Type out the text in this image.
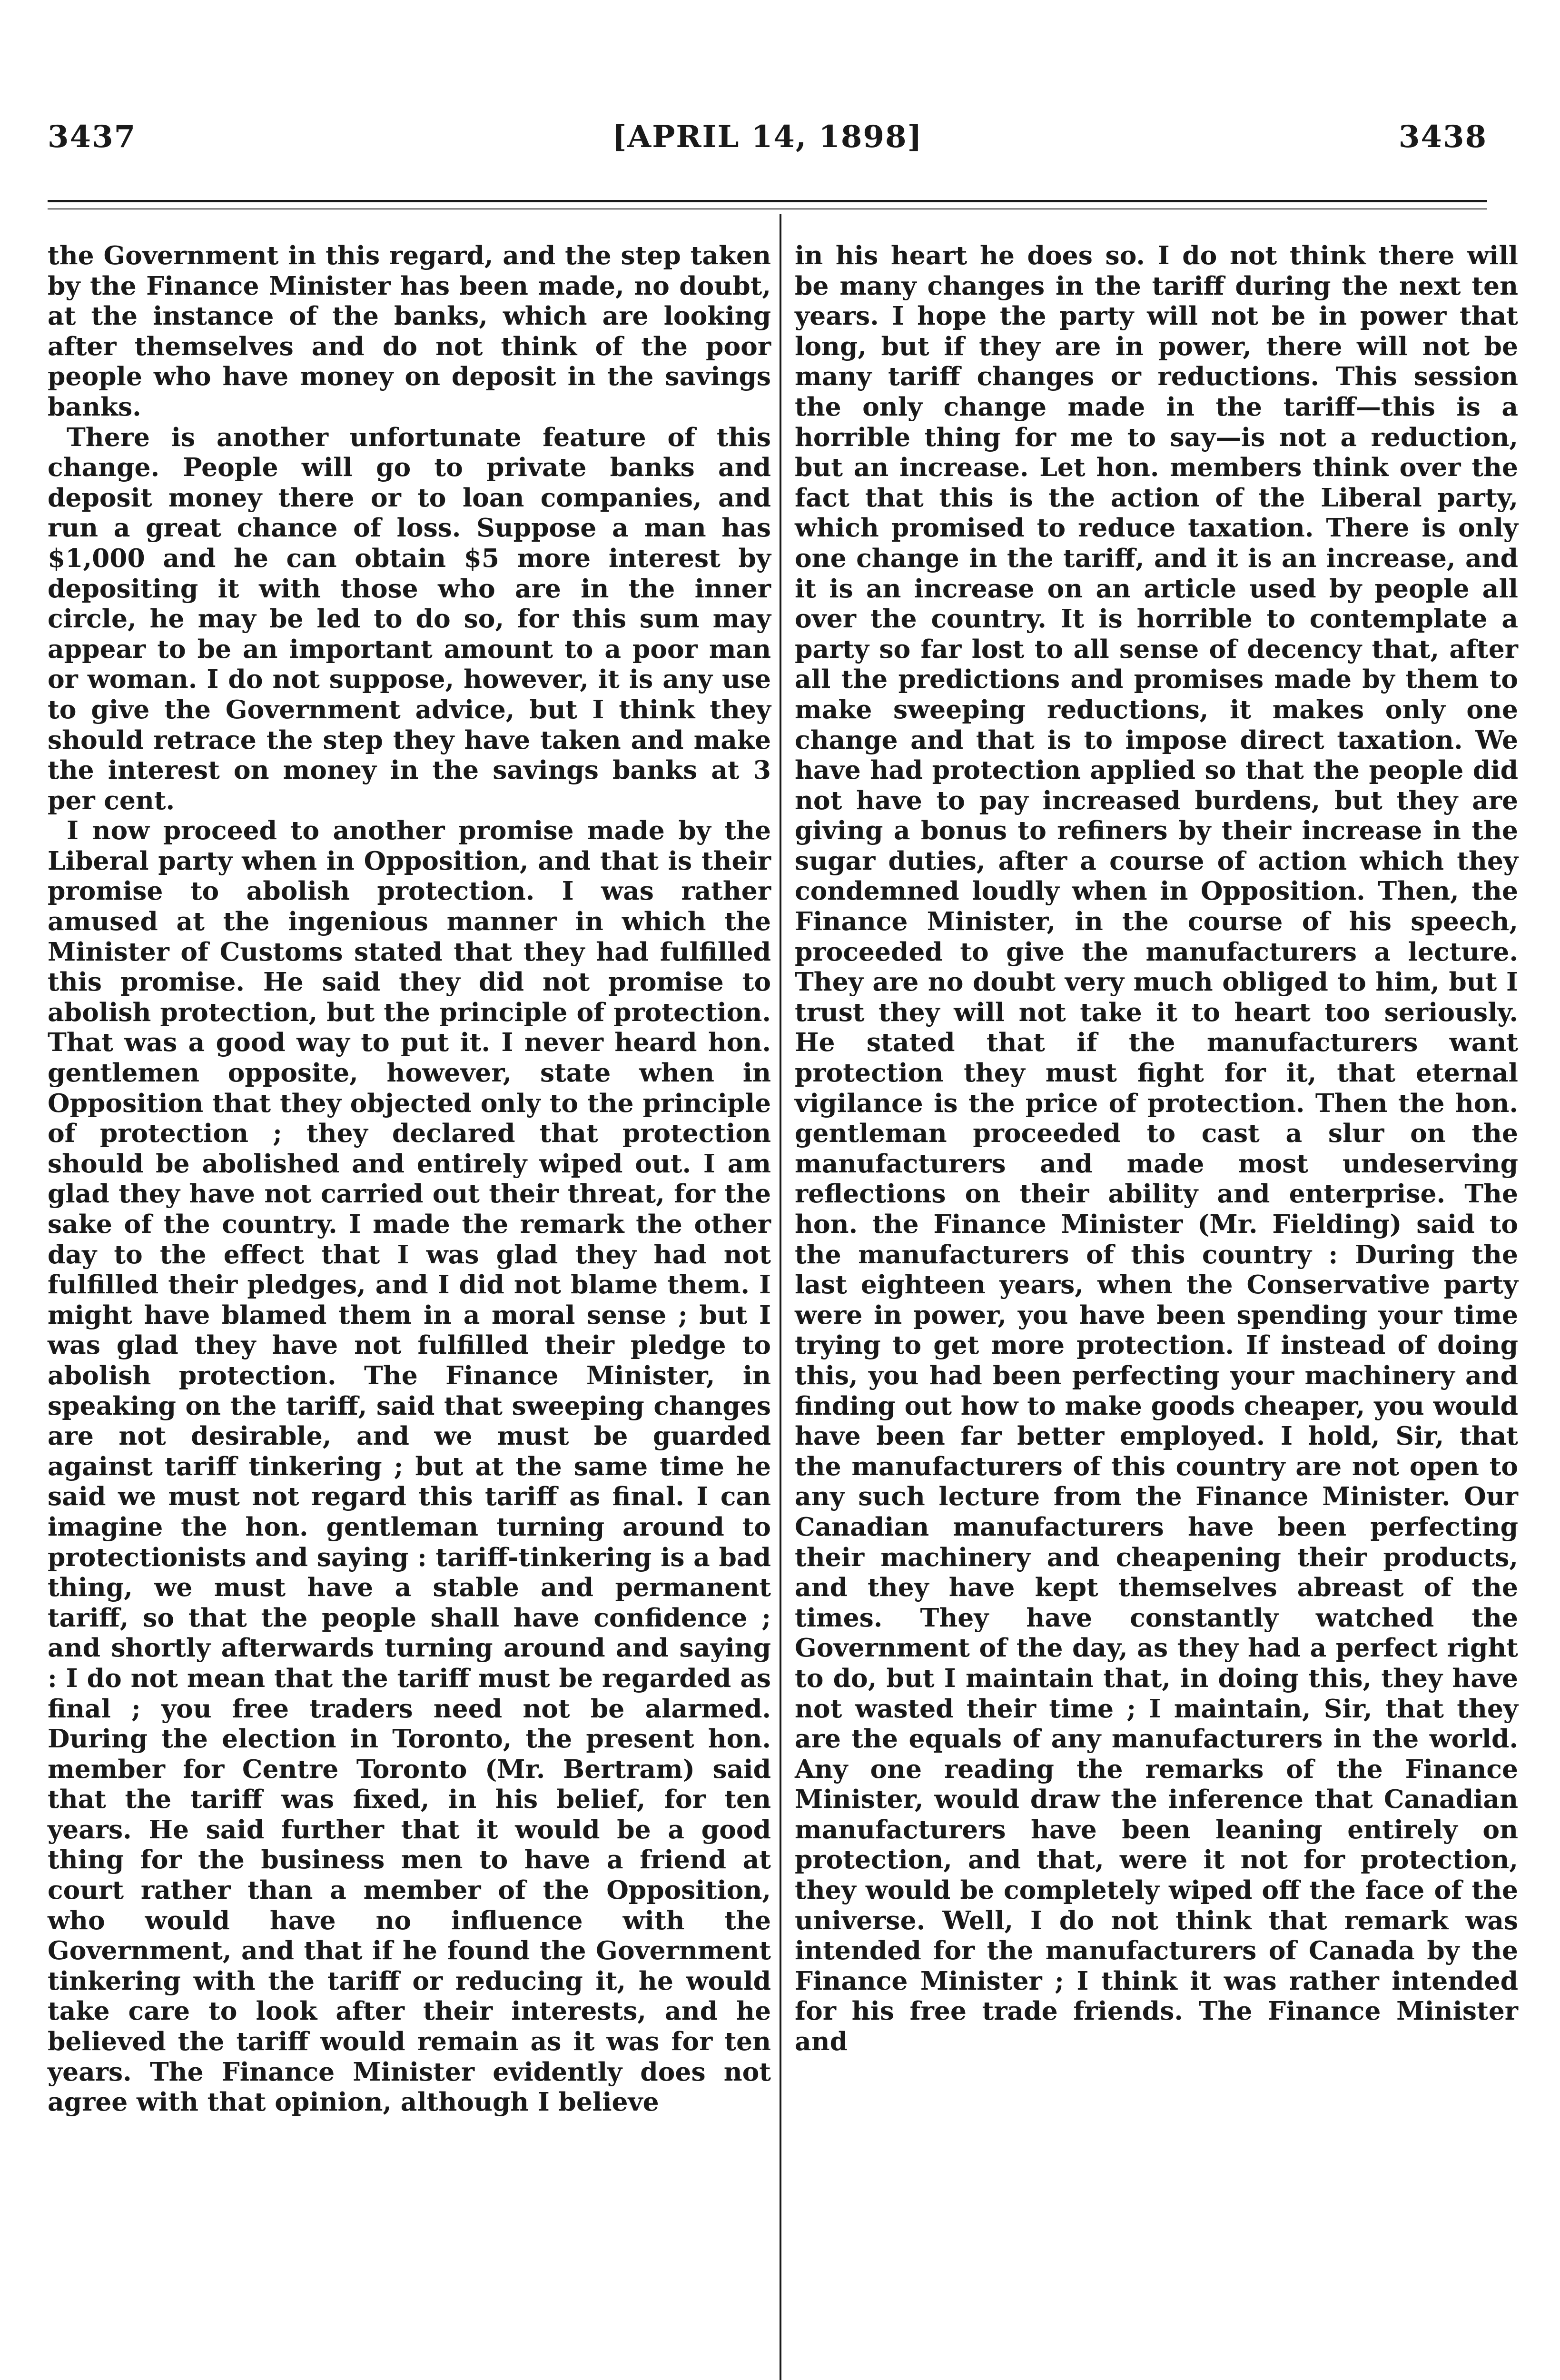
3437	[APRIL 14, 1898]	3438

the Government in this regard, and the step taken by the Finance Minister has been made, no doubt, at the instance of the banks, which are looking after themselves and do not think of the poor people who have money on deposit in the savings banks.

There is another unfortunate feature of this change. People will go to private banks and deposit money there or to loan companies, and run a great chance of loss. Suppose a man has $1,000 and he can obtain $5 more interest by depositing it with those who are in the inner circle, he may be led to do so, for this sum may appear to be an important amount to a poor man or woman. I do not suppose, however, it is any use to give the Government advice, but I think they should retrace the step they have taken and make the interest on money in the savings banks at 3 per cent.

I now proceed to another promise made by the Liberal party when in Opposition, and that is their promise to abolish protection. I was rather amused at the ingenious manner in which the Minister of Customs stated that they had fulfilled this promise. He said they did not promise to abolish protection, but the principle of protection. That was a good way to put it. I never heard hon. gentlemen opposite, however, state when in Opposition that they objected only to the principle of protection ; they declared that protection should be abolished and entirely wiped out. I am glad they have not carried out their threat, for the sake of the country. I made the remark the other day to the effect that I was glad they had not fulfilled their pledges, and I did not blame them. I might have blamed them in a moral sense ; but I was glad they have not fulfilled their pledge to abolish protection. The Finance Minister, in speaking on the tariff, said that sweeping changes are not desirable, and we must be guarded against tariff tinkering ; but at the same time he said we must not regard this tariff as final. I can imagine the hon. gentleman turning around to protectionists and saying : tariff-tinkering is a bad thing, we must have a stable and permanent tariff, so that the people shall have confidence ; and shortly afterwards turning around and saying : I do not mean that the tariff must be regarded as final ; you free traders need not be alarmed. During the election in Toronto, the present hon. member for Centre Toronto (Mr. Bertram) said that the tariff was fixed, in his belief, for ten years. He said further that it would be a good thing for the business men to have a friend at court rather than a member of the Opposition, who would have no influence with the Government, and that if he found the Government tinkering with the tariff or reducing it, he would take care to look after their interests, and he believed the tariff would remain as it was for ten years. The Finance Minister evidently does not agree with that opinion, although I believe

in his heart he does so. I do not think there will be many changes in the tariff during the next ten years. I hope the party will not be in power that long, but if they are in power, there will not be many tariff changes or reductions. This session the only change made in the tariff—this is a horrible thing for me to say—is not a reduction, but an increase. Let hon. members think over the fact that this is the action of the Liberal party, which promised to reduce taxation. There is only one change in the tariff, and it is an increase, and it is an increase on an article used by people all over the country. It is horrible to contemplate a party so far lost to all sense of decency that, after all the predictions and promises made by them to make sweeping reductions, it makes only one change and that is to impose direct taxation. We have had protection applied so that the people did not have to pay increased burdens, but they are giving a bonus to refiners by their increase in the sugar duties, after a course of action which they condemned loudly when in Opposition. Then, the Finance Minister, in the course of his speech, proceeded to give the manufacturers a lecture. They are no doubt very much obliged to him, but I trust they will not take it to heart too seriously. He stated that if the manufacturers want protection they must fight for it, that eternal vigilance is the price of protection. Then the hon. gentleman proceeded to cast a slur on the manufacturers and made most undeserving reflections on their ability and enterprise. The hon. the Finance Minister (Mr. Fielding) said to the manufacturers of this country : During the last eighteen years, when the Conservative party were in power, you have been spending your time trying to get more protection. If instead of doing this, you had been perfecting your machinery and finding out how to make goods cheaper, you would have been far better employed. I hold, Sir, that the manufacturers of this country are not open to any such lecture from the Finance Minister. Our Canadian manufacturers have been perfecting their machinery and cheapening their products, and they have kept themselves abreast of the times. They have constantly watched the Government of the day, as they had a perfect right to do, but I maintain that, in doing this, they have not wasted their time ; I maintain, Sir, that they are the equals of any manufacturers in the world. Any one reading the remarks of the Finance Minister, would draw the inference that Canadian manufacturers have been leaning entirely on protection, and that, were it not for protection, they would be completely wiped off the face of the universe. Well, I do not think that remark was intended for the manufacturers of Canada by the Finance Minister ; I think it was rather intended for his free trade friends. The Finance Minister and
